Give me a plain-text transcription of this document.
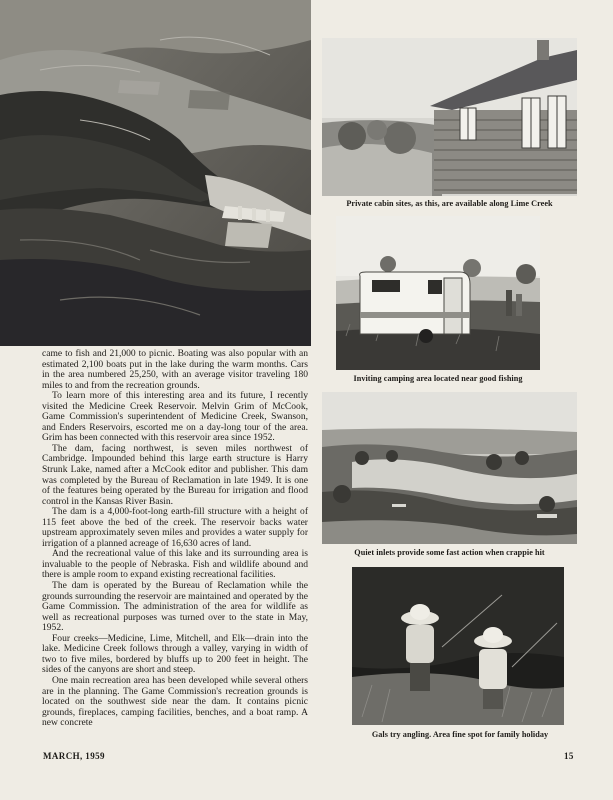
came to fish and 21,000 to picnic. Boating was also popular with an estimated 2,100 boats put in the lake during the warm months. Cars in the area numbered 25,250, with an average visitor traveling 180 miles to and from the recreation grounds.

To learn more of this interesting area and its future, I recently visited the Medicine Creek Reservoir. Melvin Grim of McCook, Game Commission's superintendent of Medicine Creek, Swanson, and Enders Reservoirs, escorted me on a day-long tour of the area. Grim has been connected with this reservoir area since 1952.

The dam, facing northwest, is seven miles northwest of Cambridge. Impounded behind this large earth structure is Harry Strunk Lake, named after a McCook editor and publisher. This dam was completed by the Bureau of Reclamation in late 1949. It is one of the features being operated by the Bureau for irrigation and flood control in the Kansas River Basin.

The dam is a 4,000-foot-long earth-fill structure with a height of 115 feet above the bed of the creek. The reservoir backs water upstream approximately seven miles and provides a water supply for irrigation of a planned acreage of 16,630 acres of land.

And the recreational value of this lake and its surrounding area is invaluable to the people of Nebraska. Fish and wildlife abound and there is ample room to expand existing recreational facilities.

The dam is operated by the Bureau of Reclamation while the grounds surrounding the reservoir are maintained and operated by the Game Commission. The administration of the area for wildlife as well as recreational purposes was turned over to the state in May, 1952.

Four creeks—Medicine, Lime, Mitchell, and Elk—drain into the lake. Medicine Creek follows through a valley, varying in width of two to five miles, bordered by bluffs up to 200 feet in height. The sides of the canyons are short and steep.

One main recreation area has been developed while several others are in the planning. The Game Commission's recreation grounds is located on the southwest side near the dam. It contains picnic grounds, fireplaces, camping facilities, benches, and a boat ramp. A new concrete

Private cabin sites, as this, are available along Lime Creek
Inviting camping area located near good fishing
Quiet inlets provide some fast action when crappie hit
Gals try angling. Area fine spot for family holiday
MARCH, 1959	15
